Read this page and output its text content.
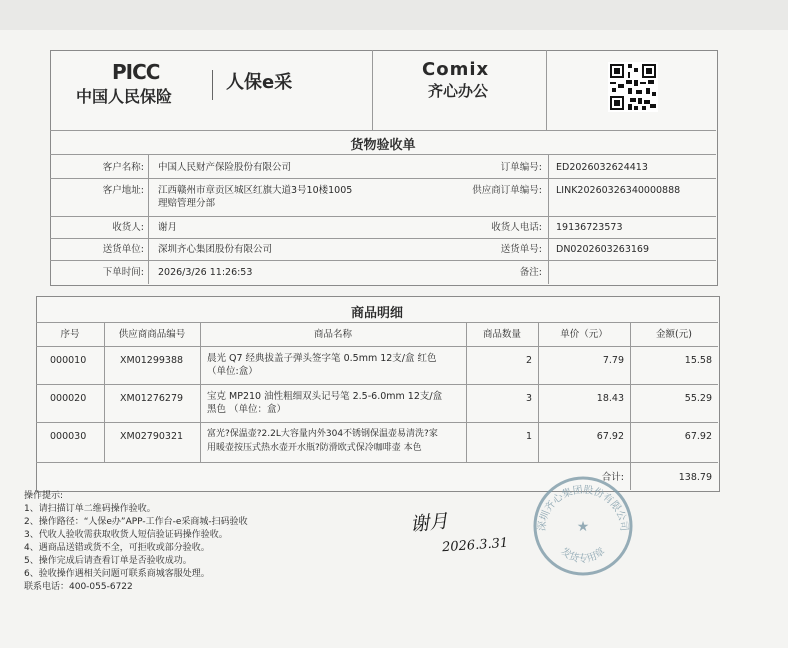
PICC
中国人民保险
人保e采
Comix
齐心办公
货物验收单
客户名称: 中国人民财产保险股份有限公司	订单编号: ED2026032624413
客户地址: 江西赣州市章贡区城区红旗大道3号10楼1005
理赔管理分部
供应商订单编号: LINK20260326340000888
收货人: 谢月	收货人电话: 19136723573
送货单位: 深圳齐心集团股份有限公司	送货单号: DN0202603263169
下单时间: 2026/3/26 11:26:53	备注:
商品明细
序号	供应商商品编号	商品名称	商品数量	单价（元）	金额(元)
000010	XM01299388	晨光 Q7 经典拔盖子弹头签字笔 0.5mm 12支/盒 红色
（单位:盒）
2	7.79	15.58
000020	XM01276279	宝克 MP210 油性粗细双头记号笔 2.5-6.0mm 12支/盒
黑色 （单位：盒）
3	18.43	55.29
000030	XM02790321	富光?保温壶?2.2L大容量内外304不锈钢保温壶易清洗?家
用暖壶按压式热水壶开水瓶?防滑欧式保冷咖啡壶 本色
1	67.92	67.92
合计:	138.79
深圳齐心集团股份有限公司
发货专用章
★
操作提示:
1、请扫描订单二维码操作验收。
2、操作路径：“人保e办”APP-工作台-e采商城-扫码验收
3、代收人验收需获取收货人短信验证码操作验收。
4、遇商品送错或货不全，可拒收或部分验收。
5、操作完成后请查看订单是否验收成功。
6、验收操作遇相关问题可联系商城客服处理。
联系电话：400-055-6722
谢月
2026.3.31
